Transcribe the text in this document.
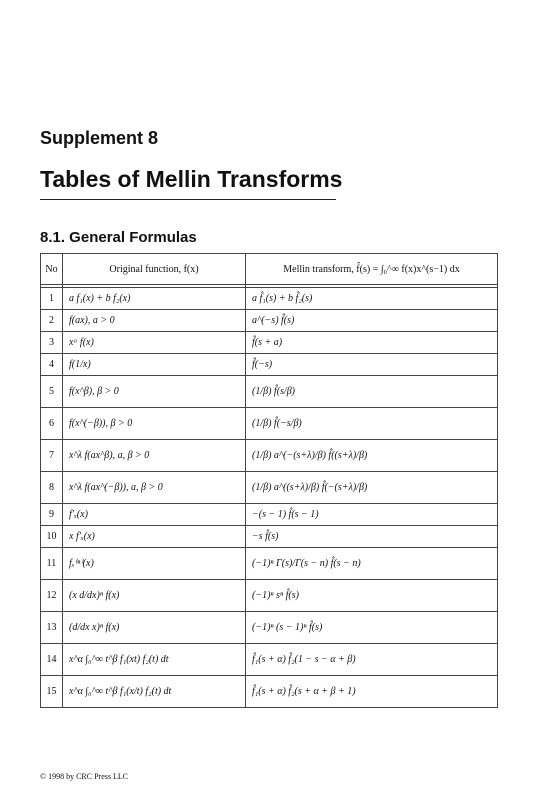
Supplement 8
Tables of Mellin Transforms
8.1. General Formulas
No	Original function, f(x)	Mellin transform, f̂(s) = ∫₀^∞ f(x)x^(s−1) dx

1	a f₁(x) + b f₂(x)	a f̂₁(s) + b f̂₂(s)
2	f(ax), a > 0	a^(−s) f̂(s)
3	xᵃ f(x)	f̂(s + a)
4	f(1/x)	f̂(−s)
5	f(x^β), β > 0	(1/β) f̂(s/β)
6	f(x^(−β)), β > 0	(1/β) f̂(−s/β)
7	x^λ f(ax^β), a, β > 0	(1/β) a^(−(s+λ)/β) f̂((s+λ)/β)
8	x^λ f(ax^(−β)), a, β > 0	(1/β) a^((s+λ)/β) f̂(−(s+λ)/β)
9	f′ₓ(x)	−(s − 1) f̂(s − 1)
10	x f′ₓ(x)	−s f̂(s)
11	fₓ⁽ⁿ⁾(x)	(−1)ⁿ Γ(s)/Γ(s − n) f̂(s − n)
12	(x d/dx)ⁿ f(x)	(−1)ⁿ sⁿ f̂(s)
13	(d/dx x)ⁿ f(x)	(−1)ⁿ (s − 1)ⁿ f̂(s)
14	x^α ∫₀^∞ t^β f₁(xt) f₂(t) dt	f̂₁(s + α) f̂₂(1 − s − α + β)
15	x^α ∫₀^∞ t^β f₁(x/t) f₂(t) dt	f̂₁(s + α) f̂₂(s + α + β + 1)
© 1998 by CRC Press LLC
